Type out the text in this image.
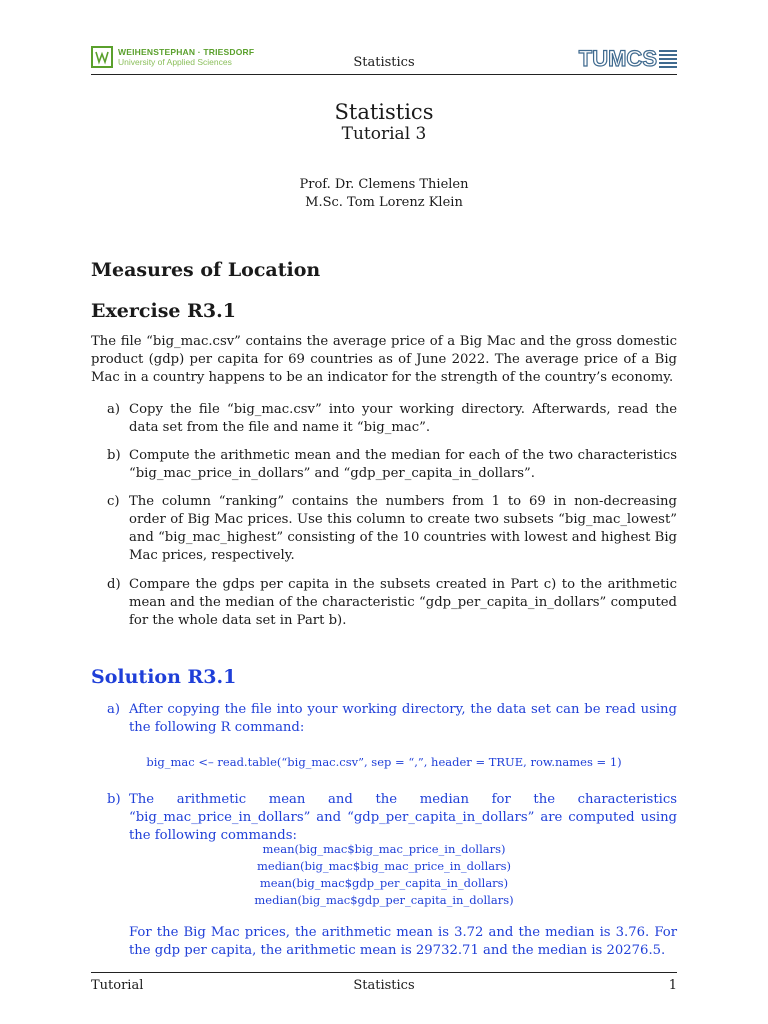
WEIHENSTEPHAN · TRIESDORF
University of Applied Sciences	Statistics	TUMCS
Statistics
Tutorial 3
Prof. Dr. Clemens Thielen
M.Sc. Tom Lorenz Klein
Measures of Location
Exercise R3.1

The file “big_mac.csv” contains the average price of a Big Mac and the gross domestic product (gdp) per capita for 69 countries as of June 2022. The average price of a Big Mac in a country happens to be an indicator for the strength of the country’s economy.

a) Copy the file “big_mac.csv” into your working directory. Afterwards, read the data set from the file and name it “big_mac”.
b) Compute the arithmetic mean and the median for each of the two characteristics “big_mac_price_in_dollars” and “gdp_per_capita_in_dollars”.
c) The column “ranking” contains the numbers from 1 to 69 in non-decreasing order of Big Mac prices. Use this column to create two subsets “big_mac_lowest” and “big_mac_highest” consisting of the 10 countries with lowest and highest Big Mac prices, respectively.
d) Compare the gdps per capita in the subsets created in Part c) to the arithmetic mean and the median of the characteristic “gdp_per_capita_in_dollars” computed for the whole data set in Part b).
Solution R3.1
a) After copying the file into your working directory, the data set can be read using the following R command:
big_mac <– read.table(“big_mac.csv”, sep = “,”, header = TRUE, row.names = 1)
b) The arithmetic mean and the median for the characteristics “big_mac_price_in_dollars” and “gdp_per_capita_in_dollars” are computed using the following commands:
mean(big_mac$big_mac_price_in_dollars)
median(big_mac$big_mac_price_in_dollars)
mean(big_mac$gdp_per_capita_in_dollars)
median(big_mac$gdp_per_capita_in_dollars)
For the Big Mac prices, the arithmetic mean is 3.72 and the median is 3.76. For the gdp per capita, the arithmetic mean is 29732.71 and the median is 20276.5.
Tutorial	Statistics	1
